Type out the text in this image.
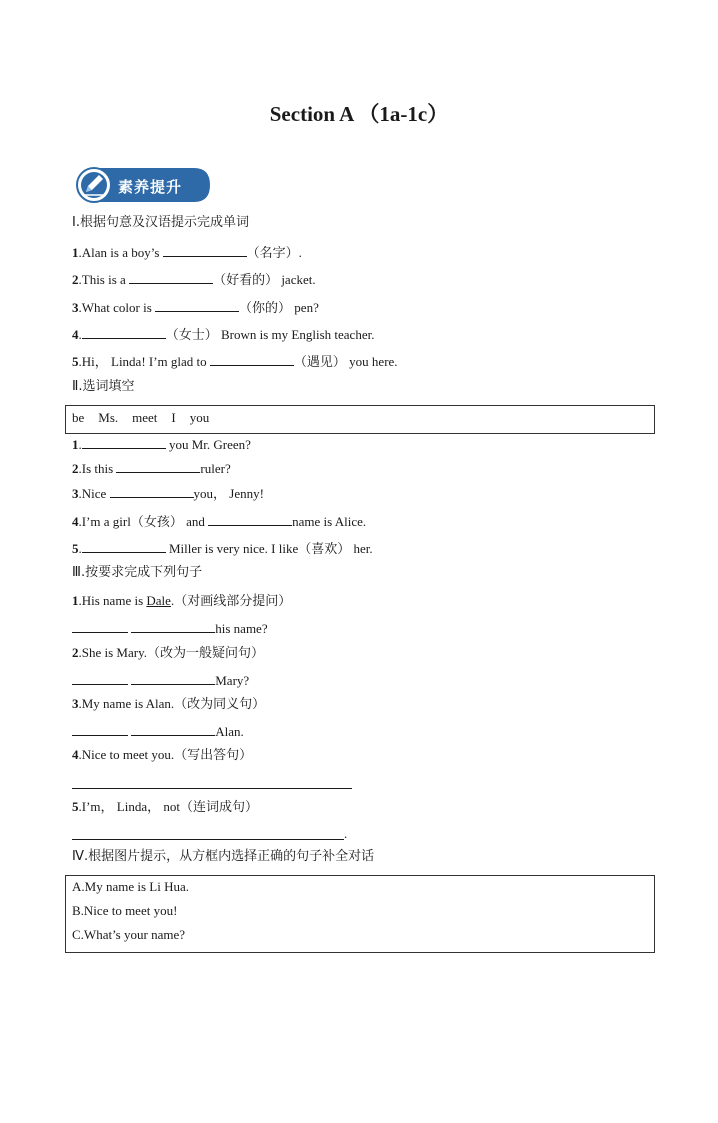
Section A （1a-1c）
素养提升
Ⅰ.根据句意及汉语提示完成单词
1.Alan is a boy’s	（名字）.
2.This is a	（好看的） jacket.
3.What color is	（你的） pen?
4.	（女士） Brown is my English teacher.
5.Hi， Linda! I’m glad to	（遇见） you here.
Ⅱ.选词填空
be Ms. meet I you
1.	you Mr. Green?
2.Is this	ruler?
3.Nice	you， Jenny!
4.I’m a girl（女孩） and	name is Alice.
5.	Miller is very nice. I like（喜欢） her.
Ⅲ.按要求完成下列句子
1.His name is Dale.（对画线部分提问）
his name?
2.She is Mary.（改为一般疑问句）
Mary?
3.My name is Alan.（改为同义句）
Alan.
4.Nice to meet you.（写出答句）
5.I’m， Linda， not（连词成句）
.
Ⅳ.根据图片提示，从方框内选择正确的句子补全对话
A.My name is Li Hua.
B.Nice to meet you!
C.What’s your name?
